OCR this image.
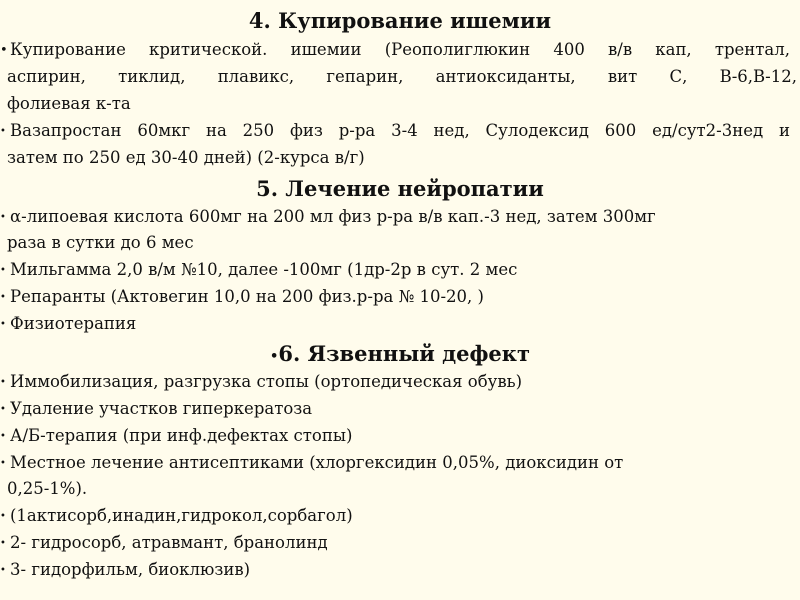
4. Купирование ишемии
• Купирование критической. ишемии (Реополиглюкин 400 в/в кап, трентал,
аспирин, тиклид, плавикс, гепарин, антиоксиданты, вит С, В-6,В-12,
фолиевая к-та
• Вазапростан 60мкг на 250 физ р-ра 3-4 нед, Сулодексид 600 ед/сут2-3нед и
затем по 250 ед 30-40 дней) (2-курса в/г)
5. Лечение нейропатии
• α-липоевая кислота 600мг на 200 мл физ р-ра в/в кап.-3 нед, затем 300мг
раза в сутки до 6 мес
• Мильгамма 2,0 в/м №10, далее -100мг (1др-2р в сут. 2 мес
• Репаранты (Актовегин 10,0 на 200 физ.р-ра № 10-20, )
• Физиотерапия
•6. Язвенный дефект
• Иммобилизация, разгрузка стопы (ортопедическая обувь)
• Удаление участков гиперкератоза
• А/Б-терапия (при инф.дефектах стопы)
• Местное лечение антисептиками (хлоргексидин 0,05%, диоксидин от
0,25-1%).
• (1актисорб,инадин,гидрокол,сорбагол)
• 2- гидросорб, атравмант, бранолинд
• 3- гидорфильм, биоклюзив)
